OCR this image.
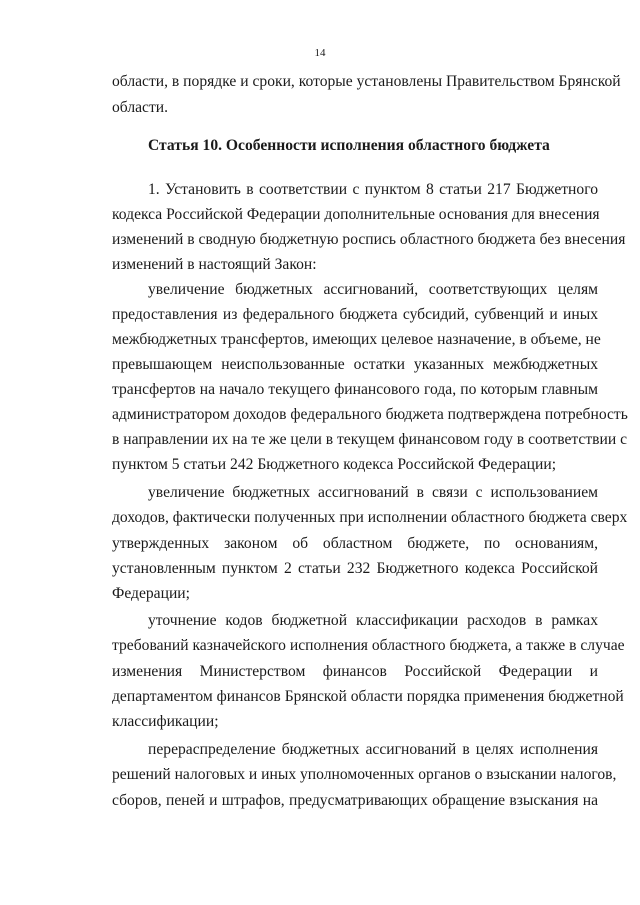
14
области, в порядке и сроки, которые установлены Правительством Брянской
области.
Статья 10. Особенности исполнения областного бюджета
1. Установить в соответствии с пунктом 8 статьи 217 Бюджетного
кодекса Российской Федерации дополнительные основания для внесения
изменений в сводную бюджетную роспись областного бюджета без внесения
изменений в настоящий Закон:
увеличение бюджетных ассигнований, соответствующих целям
предоставления из федерального бюджета субсидий, субвенций и иных
межбюджетных трансфертов, имеющих целевое назначение, в объеме, не
превышающем неиспользованные остатки указанных межбюджетных
трансфертов на начало текущего финансового года, по которым главным
администратором доходов федерального бюджета подтверждена потребность
в направлении их на те же цели в текущем финансовом году в соответствии с
пунктом 5 статьи 242 Бюджетного кодекса Российской Федерации;
увеличение бюджетных ассигнований в связи с использованием
доходов, фактически полученных при исполнении областного бюджета сверх
утвержденных законом об областном бюджете, по основаниям,
установленным пунктом 2 статьи 232 Бюджетного кодекса Российской
Федерации;
уточнение кодов бюджетной классификации расходов в рамках
требований казначейского исполнения областного бюджета, а также в случае
изменения Министерством финансов Российской Федерации и
департаментом финансов Брянской области порядка применения бюджетной
классификации;
перераспределение бюджетных ассигнований в целях исполнения
решений налоговых и иных уполномоченных органов о взыскании налогов,
сборов, пеней и штрафов, предусматривающих обращение взыскания на
